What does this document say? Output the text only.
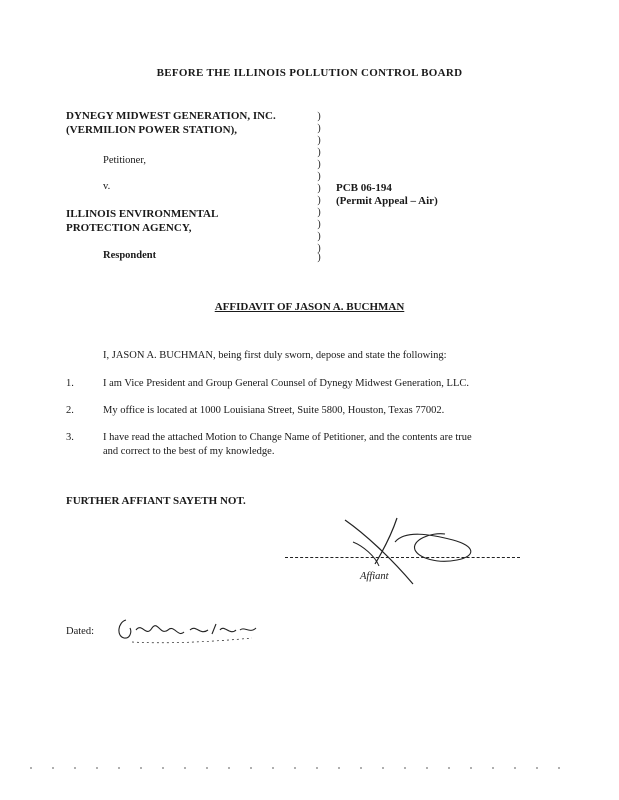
BEFORE THE ILLINOIS POLLUTION CONTROL BOARD
DYNEGY MIDWEST GENERATION, INC.
(VERMILION POWER STATION),
Petitioner,
v.
ILLINOIS ENVIRONMENTAL
PROTECTION AGENCY,
Respondent
)
)
)
)
)
)
)
)
)
)
)
)
)
PCB 06-194
(Permit Appeal – Air)
AFFIDAVIT OF JASON A. BUCHMAN
I, JASON A. BUCHMAN, being first duly sworn, depose and state the following:
1.	I am Vice President and Group General Counsel of Dynegy Midwest Generation, LLC.
2.	My office is located at 1000 Louisiana Street, Suite 5800, Houston, Texas 77002.
3.	I have read the attached Motion to Change Name of Petitioner, and the contents are true
and correct to the best of my knowledge.
FURTHER AFFIANT SAYETH NOT.
Affiant
Dated:
